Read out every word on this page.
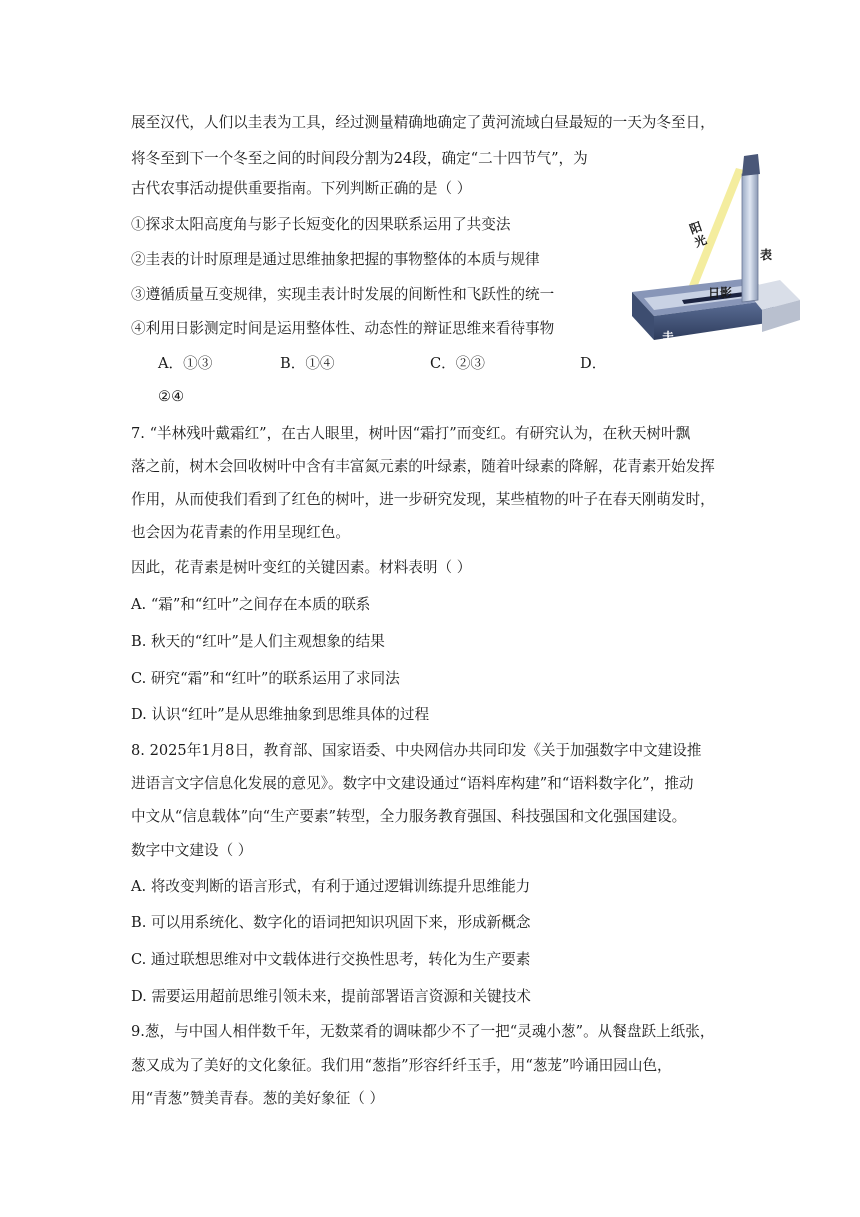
展至汉代，人们以圭表为工具，经过测量精确地确定了黄河流域白昼最短的一天为冬至日，
将冬至到下一个冬至之间的时间段分割为24段，确定“二十四节气”，为
古代农事活动提供重要指南。下列判断正确的是（ ）
①探求太阳高度角与影子长短变化的因果联系运用了共变法
②圭表的计时原理是通过思维抽象把握的事物整体的本质与规律
③遵循质量互变规律，实现圭表计时发展的间断性和飞跃性的统一
④利用日影测定时间是运用整体性、动态性的辩证思维来看待事物
A．①③	B．①④	C．②③	D．
②④
阳光
表
日影
圭
7. “半林残叶戴霜红”，在古人眼里，树叶因“霜打”而变红。有研究认为，在秋天树叶飘
落之前，树木会回收树叶中含有丰富氮元素的叶绿素，随着叶绿素的降解，花青素开始发挥
作用，从而使我们看到了红色的树叶，进一步研究发现，某些植物的叶子在春天刚萌发时，
也会因为花青素的作用呈现红色。
因此，花青素是树叶变红的关键因素。材料表明（ ）
A. “霜”和“红叶”之间存在本质的联系
B. 秋天的“红叶”是人们主观想象的结果
C. 研究“霜”和“红叶”的联系运用了求同法
D. 认识“红叶”是从思维抽象到思维具体的过程
8. 2025年1月8日，教育部、国家语委、中央网信办共同印发《关于加强数字中文建设推
进语言文字信息化发展的意见》。数字中文建设通过“语料库构建”和“语料数字化”，推动
中文从“信息载体”向“生产要素”转型，全力服务教育强国、科技强国和文化强国建设。
数字中文建设（ ）
A. 将改变判断的语言形式，有利于通过逻辑训练提升思维能力
B. 可以用系统化、数字化的语词把知识巩固下来，形成新概念
C. 通过联想思维对中文载体进行交换性思考，转化为生产要素
D. 需要运用超前思维引领未来，提前部署语言资源和关键技术
9.葱，与中国人相伴数千年，无数菜肴的调味都少不了一把“灵魂小葱”。从餐盘跃上纸张，
葱又成为了美好的文化象征。我们用“葱指”形容纤纤玉手，用“葱茏”吟诵田园山色，
用“青葱”赞美青春。葱的美好象征（ ）
